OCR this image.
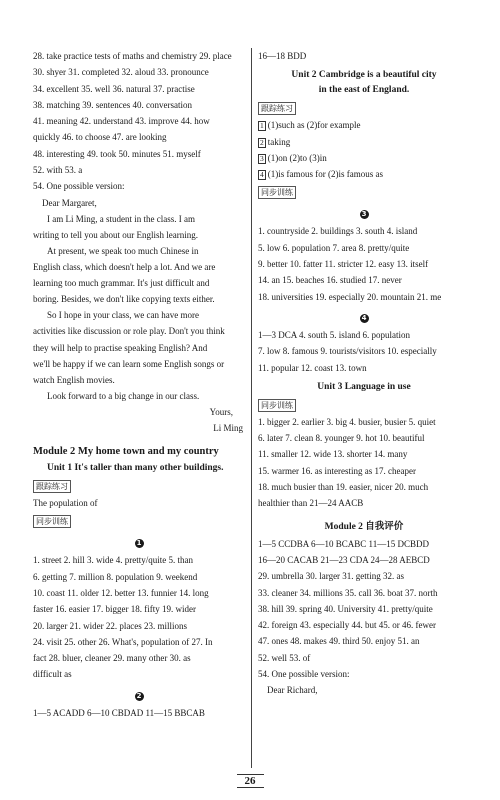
28. take practice tests of maths and chemistry 29. place
30. shyer 31. completed 32. aloud 33. pronounce
34. excellent 35. well 36. natural 37. practise
38. matching 39. sentences 40. conversation
41. meaning 42. understand 43. improve 44. how
quickly 46. to choose 47. are looking
48. interesting 49. took 50. minutes 51. myself
52. with 53. a
54. One possible version:
Dear Margaret,
I am Li Ming, a student in the class. I am
writing to tell you about our English learning.
At present, we speak too much Chinese in
English class, which doesn't help a lot. And we are
learning too much grammar. It's just difficult and
boring. Besides, we don't like copying texts either.
So I hope in your class, we can have more
activities like discussion or role play. Don't you think
they will help to practise speaking English? And
we'll be happy if we can learn some English songs or
watch English movies.
Look forward to a big change in our class.
Yours,
Li Ming
Module 2 My home town and my country
Unit 1 It's taller than many other buildings.
跟踪练习
The population of
同步训练
1
1. street 2. hill 3. wide 4. pretty/quite 5. than
6. getting 7. million 8. population 9. weekend
10. coast 11. older 12. better 13. funnier 14. long
faster 16. easier 17. bigger 18. fifty 19. wider
20. larger 21. wider 22. places 23. millions
24. visit 25. other 26. What's, population of 27. In
fact 28. bluer, cleaner 29. many other 30. as
difficult as
2
1—5 ACADD 6—10 CBDAD 11—15 BBCAB
16—18 BDD
Unit 2 Cambridge is a beautiful city
in the east of England.
跟踪练习
1 (1)such as (2)for example
2 taking
3 (1)on (2)to (3)in
4 (1)is famous for (2)is famous as
同步训练
3
1. countryside 2. buildings 3. south 4. island
5. low 6. population 7. area 8. pretty/quite
9. better 10. fatter 11. stricter 12. easy 13. itself
14. an 15. beaches 16. studied 17. never
18. universities 19. especially 20. mountain 21. me
4
1—3 DCA 4. south 5. island 6. population
7. low 8. famous 9. tourists/visitors 10. especially
11. popular 12. coast 13. town
Unit 3 Language in use
同步训练
1. bigger 2. earlier 3. big 4. busier, busier 5. quiet
6. later 7. clean 8. younger 9. hot 10. beautiful
11. smaller 12. wide 13. shorter 14. many
15. warmer 16. as interesting as 17. cheaper
18. much busier than 19. easier, nicer 20. much
healthier than 21—24 AACB
Module 2 自我评价
1—5 CCDBA 6—10 BCABC 11—15 DCBDD
16—20 CACAB 21—23 CDA 24—28 AEBCD
29. umbrella 30. larger 31. getting 32. as
33. cleaner 34. millions 35. call 36. boat 37. north
38. hill 39. spring 40. University 41. pretty/quite
42. foreign 43. especially 44. but 45. or 46. fewer
47. ones 48. makes 49. third 50. enjoy 51. an
52. well 53. of
54. One possible version:
Dear Richard,
26
